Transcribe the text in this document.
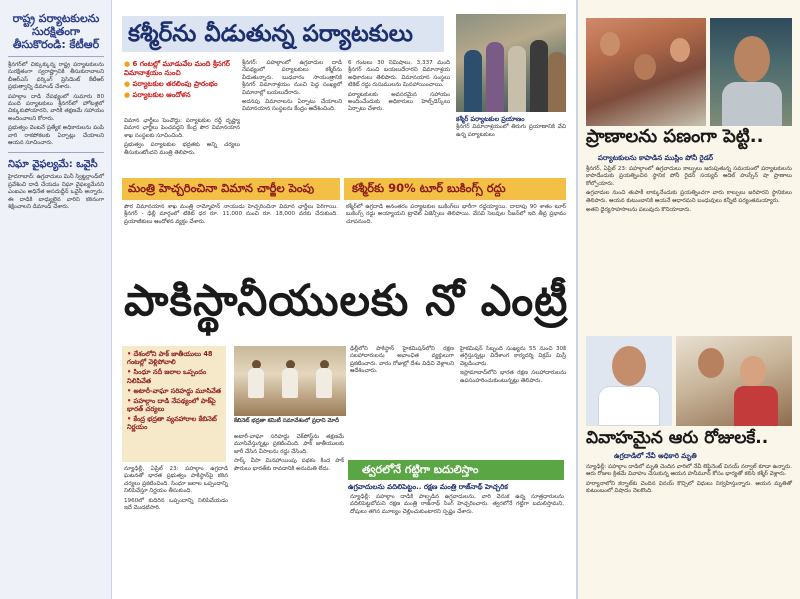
రాష్ట్ర పర్యాటకులను సురక్షితంగా తీసుకొరండి: కేటీఆర్

శ్రీనగర్‌లో చిక్కుక్కున్న రాష్ట్ర పర్యాటకులను సురక్షితంగా స్వరాష్ట్రానికి తీసుకురావాలని బీఆర్ఎస్ వర్కింగ్ ప్రెసిడెంట్ కేటీఆర్ ప్రభుత్వాన్ని డిమాండ్ చేశారు.

పహల్గాం దాడి నేపథ్యంలో సుమారు 80 మంది పర్యాటకులు శ్రీనగర్‌లో హోటళ్లలో చిక్కుకుపోయారని, వారికి తక్షణమే సహాయం అందించాలని కోరారు.

ప్రభుత్వం వెంటనే ప్రత్యేక అధికారులను పంపి వారి రాకపోకలకు ఏర్పాట్లు చేయాలని ఆయన సూచించారు.

నిఘా వైఫల్యమే: ఒవైసీ

హైదరాబాద్: ఉగ్రవాదులు మినీ స్విట్జర్లాండ్‌లో ప్రవేశించి దాడి చేయడం నిఘా వైఫల్యమేనని ఎంఐఎం అధినేత అసదుద్దీన్ ఒవైసీ అన్నారు. ఈ దాడికి బాధ్యులైన వారిని కఠినంగా శిక్షించాలని డిమాండ్ చేశారు.

కశ్మీర్‌ను వీడుతున్న పర్యాటకులు
కశ్మీర్ పర్యాటకుల ప్రయాణం
శ్రీనగర్ విమానాశ్రయంలో తిరుగు ప్రయాణానికి వేచి ఉన్న పర్యాటకులు
● 6 గంటల్లో మూడువేల మంది శ్రీనగర్ విమానాశ్రయం నుంచి
● పర్యాటకుల తరలింపు ప్రారంభం
● పర్యాటకుల ఆందోళన

శ్రీనగర్: పహల్గాంలో ఉగ్రవాదుల దాడి నేపథ్యంలో పర్యాటకులు కశ్మీర్‌ను వీడుతున్నారు. బుధవారం సాయంత్రానికి శ్రీనగర్ విమానాశ్రయం నుంచి పెద్ద సంఖ్యలో విమానాల్లో బయలుదేరారు.

అదనపు విమానాలను ఏర్పాటు చేయాలని విమానయాన సంస్థలను కేంద్రం ఆదేశించింది.

6 గంటలు 30 నిమిషాలు, 3,337 మంది శ్రీనగర్ నుంచి బయలుదేరారని విమానాశ్రయ అధికారులు తెలిపారు. విమానయాన సంస్థలు టికెట్ రద్దు రుసుములను మినహాయించాయి.

పర్యాటకులకు అవసరమైన సహాయం అందించేందుకు అధికారులు హెల్ప్‌డెస్క్‌లు ఏర్పాటు చేశారు.

విమాన ఛార్జీలు పెంచొద్దు: పర్యాటకుల రద్దీ దృష్ట్యా విమాన ఛార్జీలు పెంచవద్దని కేంద్ర పౌర విమానయాన శాఖ సంస్థలకు సూచించింది.

ప్రభుత్వం పర్యాటకుల భద్రతకు అన్ని చర్యలు తీసుకుంటోందని మంత్రి తెలిపారు.

మంత్రి హెచ్చరించినా విమాన చార్జీల పెంపు	కశ్మీర్‌కు 90% టూర్ బుకింగ్స్ రద్దు
పౌర విమానయాన శాఖ మంత్రి రామ్మోహన్ నాయుడు హెచ్చరించినా విమాన ఛార్జీలు పెరిగాయి. శ్రీనగర్ - ఢిల్లీ మార్గంలో టికెట్ ధర రూ. 11,000 నుంచి రూ. 18,000 వరకు చేరుకుంది. ప్రయాణికులు ఆందోళన వ్యక్తం చేశారు.
కశ్మీర్‌లో ఉగ్రదాడి అనంతరం పర్యాటకుల బుకింగ్‌లు భారీగా రద్దయ్యాయి. దాదాపు 90 శాతం టూర్ బుకింగ్స్ రద్దు అయ్యాయని ట్రావెల్ ఏజెన్సీలు తెలిపాయి. వేసవి సెలవుల సీజన్‌లో ఇది తీవ్ర ప్రభావం చూపనుంది.
పాకిస్థానీయులకు నో ఎంట్రీ
• దేశంలోని పాక్ జాతీయులు 48 గంటల్లో వెళ్లిపోవాలి
• సింధూ నదీ జలాల ఒప్పందం నిలిపివేత
• అటారీ-వాఘా సరిహద్దు మూసివేత
• పహల్గాం దాడి నేపథ్యంలో పాక్‌పై భారత్ చర్యలు
• కేంద్ర భద్రతా వ్యవహారాల కేబినెట్ నిర్ణయం
కేబినెట్ భద్రతా కమిటీ సమావేశంలో ప్రధాని మోదీ

న్యూఢిల్లీ, ఏప్రిల్ 23: పహల్గాం ఉగ్రదాడి ఘటనతో భారత ప్రభుత్వం పాకిస్థాన్‌పై కఠిన చర్యలు ప్రకటించింది. సింధూ జలాల ఒప్పందాన్ని నిలిపివేస్తూ నిర్ణయం తీసుకుంది.

1960లో కుదిరిన ఒప్పందాన్ని నిలిపివేయడం ఇదే మొదటిసారి.

అటారీ-వాఘా సరిహద్దు చెక్‌పోస్ట్‌ను తక్షణమే మూసివేస్తున్నట్లు ప్రకటించింది. పాక్ జాతీయులకు జారీ చేసిన వీసాలను రద్దు చేసింది.

సార్క్ వీసా మినహాయింపు పథకం కింద పాక్ పౌరులు భారత్‌కు రావడానికి అనుమతి లేదు.

ఢిల్లీలోని పాకిస్థాన్ హైకమిషన్‌లోని రక్షణ సలహాదారులను అవాంఛిత వ్యక్తులుగా ప్రకటించారు. వారం రోజుల్లో దేశం విడిచి వెళ్లాలని ఆదేశించారు.

హైకమిషన్ సిబ్బంది సంఖ్యను 55 నుంచి 30కి తగ్గిస్తున్నట్లు విదేశాంగ కార్యదర్శి విక్రమ్ మిస్రీ వెల్లడించారు.

ఇస్లామాబాద్‌లోని భారత రక్షణ సలహాదారులను ఉపసంహరించుకుంటున్నట్లు తెలిపారు.

త్వరలోనే గట్టిగా బదులిస్తాం
ఉగ్రవాదులను వదిలిపెట్టం.. రక్షణ మంత్రి రాజ్‌నాథ్ హెచ్చరిక
న్యూఢిల్లీ: పహల్గాం దాడికి పాల్పడిన ఉగ్రవాదులను, వారి వెనుక ఉన్న సూత్రధారులను వదిలిపెట్టబోమని రక్షణ మంత్రి రాజ్‌నాథ్ సింగ్ హెచ్చరించారు. త్వరలోనే గట్టిగా బదులిస్తామని, దోషులు తగిన మూల్యం చెల్లించుకుంటారని స్పష్టం చేశారు.
ప్రాణాలను పణంగా పెట్టి..
పర్యాటకులను కాపాడిన ముస్లిం పోనీ రైడర్

శ్రీనగర్, ఏప్రిల్ 23: పహల్గాంలో ఉగ్రవాదులు కాల్పులు జరుపుతున్న సమయంలో పర్యాటకులను కాపాడేందుకు ప్రయత్నించిన స్థానిక పోనీ రైడర్ సయ్యద్ ఆదిల్ హుస్సేన్ షా ప్రాణాలు కోల్పోయారు.

ఉగ్రవాదుల నుంచి తుపాకీ లాక్కునేందుకు ప్రయత్నించగా వారు కాల్పులు జరిపారని స్థానికులు తెలిపారు. ఆయన కుటుంబానికి ఆయనే ఆధారమని బంధువులు కన్నీటి పర్యంతమయ్యారు.

అతని ధైర్యసాహసాలను పలువురు కొనియాడారు.

వివాహమైన ఆరు రోజులకే..
ఉగ్రదాడిలో నేవీ అధికారి మృతి

న్యూఢిల్లీ: పహల్గాం దాడిలో మృతి చెందిన వారిలో నేవీ లెఫ్టినెంట్ వినయ్ నర్వాల్ కూడా ఉన్నారు. ఆరు రోజుల క్రితమే వివాహం చేసుకున్న ఆయన హనీమూన్ కోసం భార్యతో కలిసి కశ్మీర్ వెళ్లారు.

హర్యానాలోని కర్నాల్‌కు చెందిన వినయ్ కొచ్చిలో విధులు నిర్వహిస్తున్నారు. ఆయన మృతితో కుటుంబంలో విషాదం నెలకొంది.
